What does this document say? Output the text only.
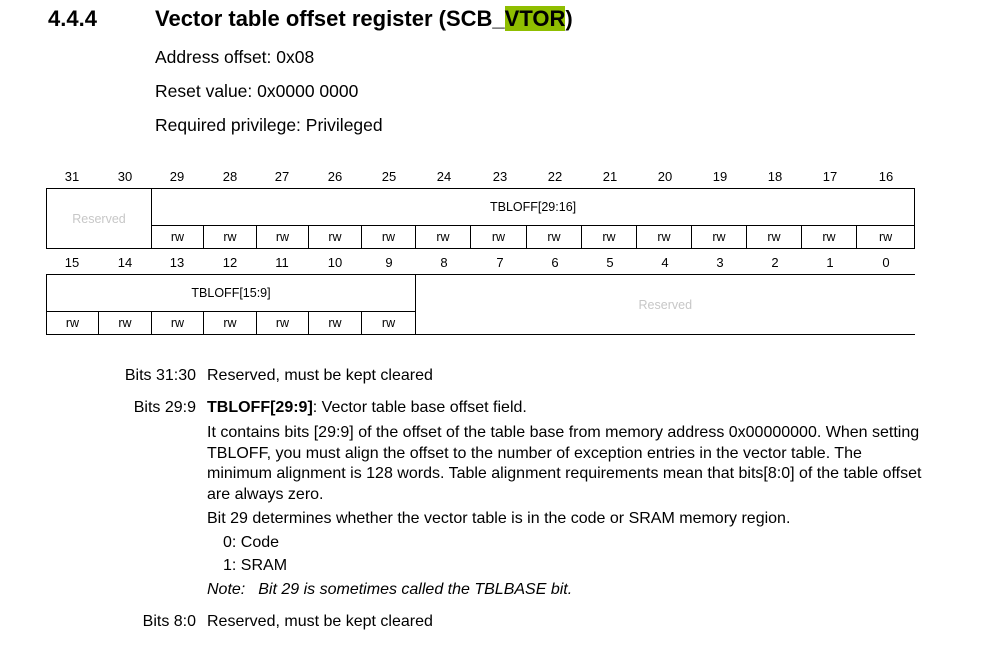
4.4.4	Vector table offset register (SCB_VTOR)
Address offset: 0x08
Reset value: 0x0000 0000
Required privilege: Privileged
31	30	29	28	27	26	25	24	23	22	21	20	19	18	17	16
Reserved	TBLOFF[29:16]													
	rw	rw	rw	rw	rw	rw	rw	rw	rw	rw	rw	rw	rw	rw
15	14	13	12	11	10	9	8	7	6	5	4	3	2	1	0
TBLOFF[15:9]							Reserved
rw	rw	rw	rw	rw	rw	rw	
Bits 31:30 Reserved, must be kept cleared
Bits 29:9 TBLOFF[29:9]: Vector table base offset field.
It contains bits [29:9] of the offset of the table base from memory address 0x00000000. When setting TBLOFF, you must align the offset to the number of exception entries in the vector table. The minimum alignment is 128 words. Table alignment requirements mean that bits[8:0] of the table offset are always zero.
Bit 29 determines whether the vector table is in the code or SRAM memory region.
0: Code
1: SRAM
Note: Bit 29 is sometimes called the TBLBASE bit.
Bits 8:0 Reserved, must be kept cleared
